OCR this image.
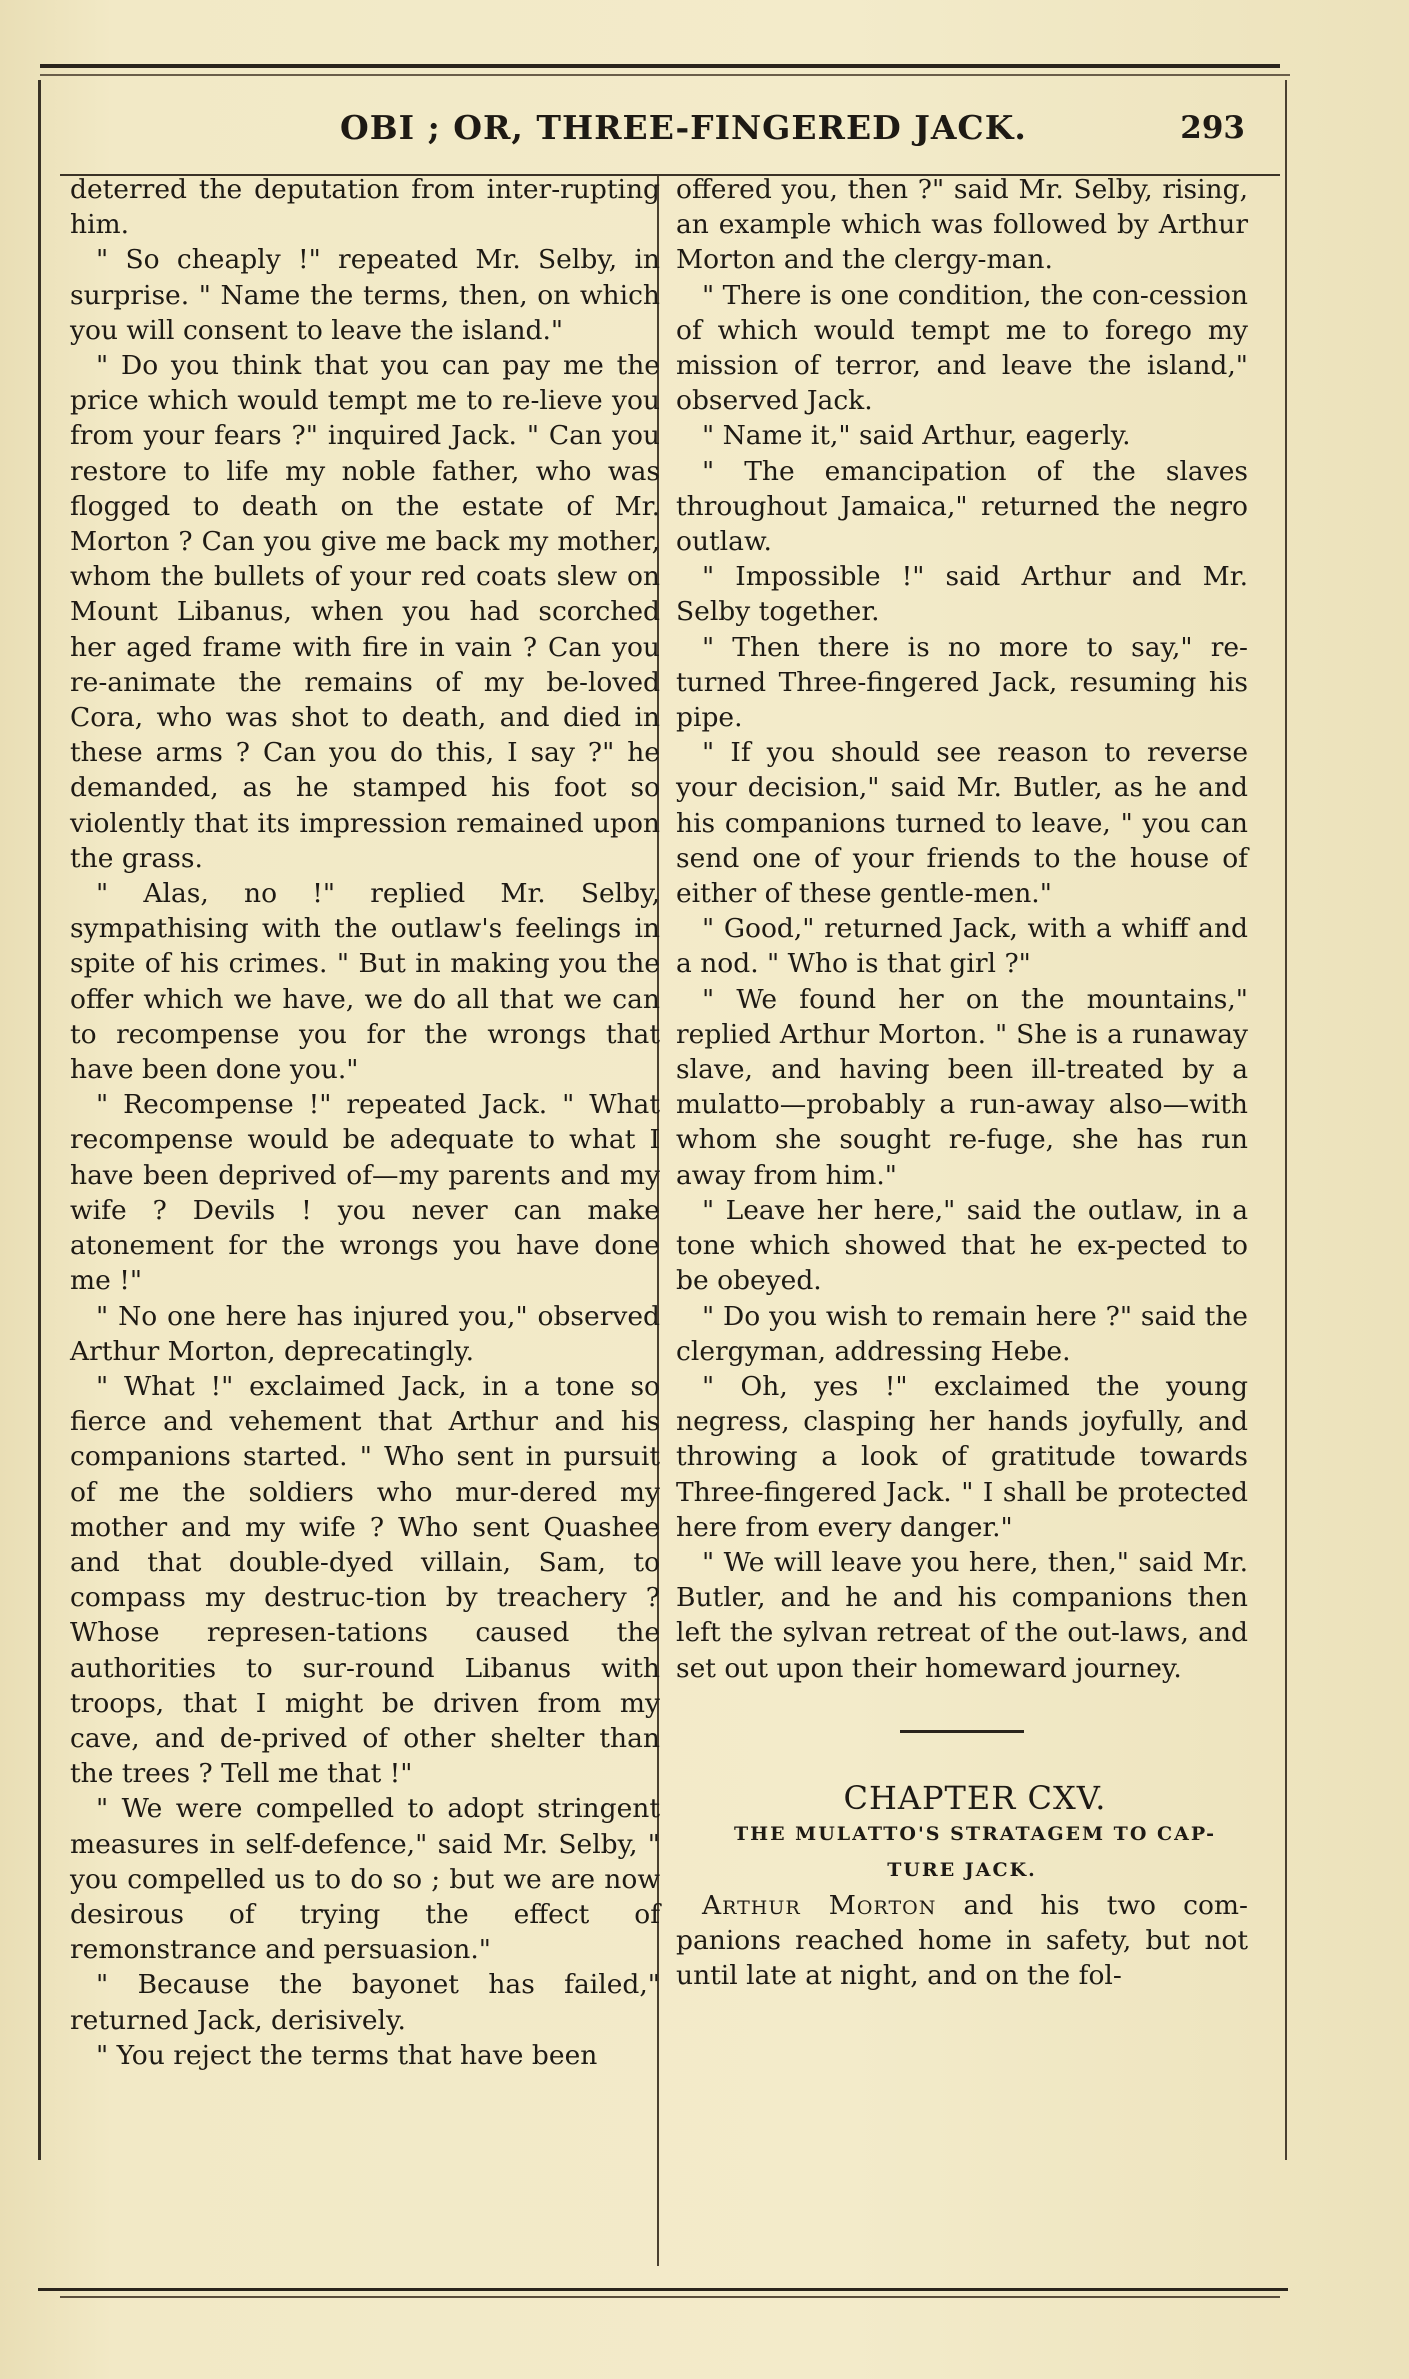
OBI ; OR, THREE-FINGERED JACK.	293

deterred the deputation from inter-rupting him.

" So cheaply !" repeated Mr. Selby, in surprise. " Name the terms, then, on which you will consent to leave the island."

" Do you think that you can pay me the price which would tempt me to re-lieve you from your fears ?" inquired Jack. " Can you restore to life my noble father, who was flogged to death on the estate of Mr. Morton ? Can you give me back my mother, whom the bullets of your red coats slew on Mount Libanus, when you had scorched her aged frame with fire in vain ? Can you re-animate the remains of my be-loved Cora, who was shot to death, and died in these arms ? Can you do this, I say ?" he demanded, as he stamped his foot so violently that its impression remained upon the grass.

" Alas, no !" replied Mr. Selby, sympathising with the outlaw's feelings in spite of his crimes. " But in making you the offer which we have, we do all that we can to recompense you for the wrongs that have been done you."

" Recompense !" repeated Jack. " What recompense would be adequate to what I have been deprived of—my parents and my wife ? Devils ! you never can make atonement for the wrongs you have done me !"

" No one here has injured you," observed Arthur Morton, deprecatingly.

" What !" exclaimed Jack, in a tone so fierce and vehement that Arthur and his companions started. " Who sent in pursuit of me the soldiers who mur-dered my mother and my wife ? Who sent Quashee and that double-dyed villain, Sam, to compass my destruc-tion by treachery ? Whose represen-tations caused the authorities to sur-round Libanus with troops, that I might be driven from my cave, and de-prived of other shelter than the trees ? Tell me that !"

" We were compelled to adopt stringent measures in self-defence," said Mr. Selby, " you compelled us to do so ; but we are now desirous of trying the effect of remonstrance and persuasion."

" Because the bayonet has failed," returned Jack, derisively.

" You reject the terms that have been

offered you, then ?" said Mr. Selby, rising, an example which was followed by Arthur Morton and the clergy-man.

" There is one condition, the con-cession of which would tempt me to forego my mission of terror, and leave the island," observed Jack.

" Name it," said Arthur, eagerly.

" The emancipation of the slaves throughout Jamaica," returned the negro outlaw.

" Impossible !" said Arthur and Mr. Selby together.

" Then there is no more to say," re-turned Three-fingered Jack, resuming his pipe.

" If you should see reason to reverse your decision," said Mr. Butler, as he and his companions turned to leave, " you can send one of your friends to the house of either of these gentle-men."

" Good," returned Jack, with a whiff and a nod. " Who is that girl ?"

" We found her on the mountains," replied Arthur Morton. " She is a runaway slave, and having been ill-treated by a mulatto—probably a run-away also—with whom she sought re-fuge, she has run away from him."

" Leave her here," said the outlaw, in a tone which showed that he ex-pected to be obeyed.

" Do you wish to remain here ?" said the clergyman, addressing Hebe.

" Oh, yes !" exclaimed the young negress, clasping her hands joyfully, and throwing a look of gratitude towards Three-fingered Jack. " I shall be protected here from every danger."

" We will leave you here, then," said Mr. Butler, and he and his companions then left the sylvan retreat of the out-laws, and set out upon their homeward journey.

CHAPTER CXV.

THE MULATTO'S STRATAGEM TO CAP-TURE JACK.

Arthur Morton and his two com-panions reached home in safety, but not until late at night, and on the fol-
